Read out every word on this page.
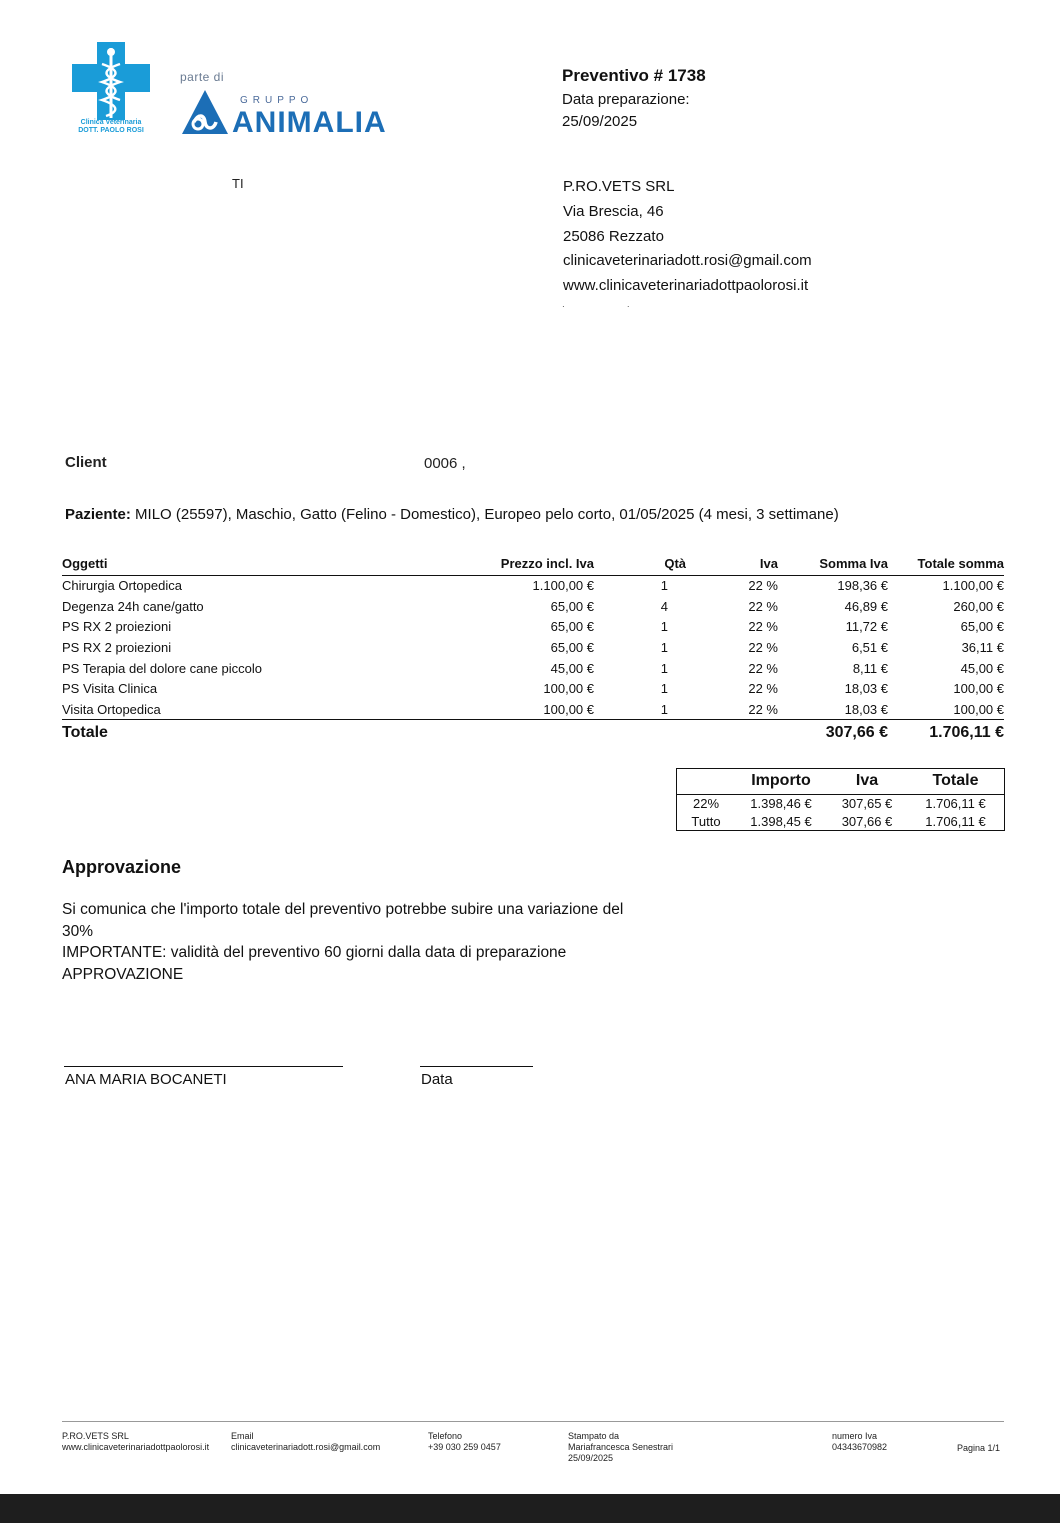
Clinica Veterinaria
DOTT. PAOLO ROSI
parte di
GRUPPO
ANIMALIA
Preventivo # 1738
Data preparazione:
25/09/2025
P.RO.VETS SRL
Via Brescia, 46
25086 Rezzato
clinicaveterinariadott.rosi@gmail.com
www.clinicaveterinariadottpaolorosi.it
· ·
TI
Client	0006 ,
Paziente: MILO (25597), Maschio, Gatto (Felino - Domestico), Europeo pelo corto, 01/05/2025 (4 mesi, 3 settimane)
Oggetti	Prezzo incl. Iva	Qtà	Iva	Somma Iva	Totale somma
Chirurgia Ortopedica	1.100,00 €	1	22 %	198,36 €	1.100,00 €
Degenza 24h cane/gatto	65,00 €	4	22 %	46,89 €	260,00 €
PS RX 2 proiezioni	65,00 €	1	22 %	11,72 €	65,00 €
PS RX 2 proiezioni	65,00 €	1	22 %	6,51 €	36,11 €
PS Terapia del dolore cane piccolo	45,00 €	1	22 %	8,11 €	45,00 €
PS Visita Clinica	100,00 €	1	22 %	18,03 €	100,00 €
Visita Ortopedica	100,00 €	1	22 %	18,03 €	100,00 €
Totale				307,66 €	1.706,11 €
	Importo	Iva	Totale
22%	1.398,46 €	307,65 €	1.706,11 €
Tutto	1.398,45 €	307,66 €	1.706,11 €
Approvazione
Si comunica che l'importo totale del preventivo potrebbe subire una variazione del
30%
IMPORTANTE: validità del preventivo 60 giorni dalla data di preparazione
APPROVAZIONE
ANA MARIA BOCANETI	Data
P.RO.VETS SRL
www.clinicaveterinariadottpaolorosi.it
Email
clinicaveterinariadott.rosi@gmail.com
Telefono
+39 030 259 0457
Stampato da
Mariafrancesca Senestrari
25/09/2025
numero Iva
04343670982	Pagina 1/1
